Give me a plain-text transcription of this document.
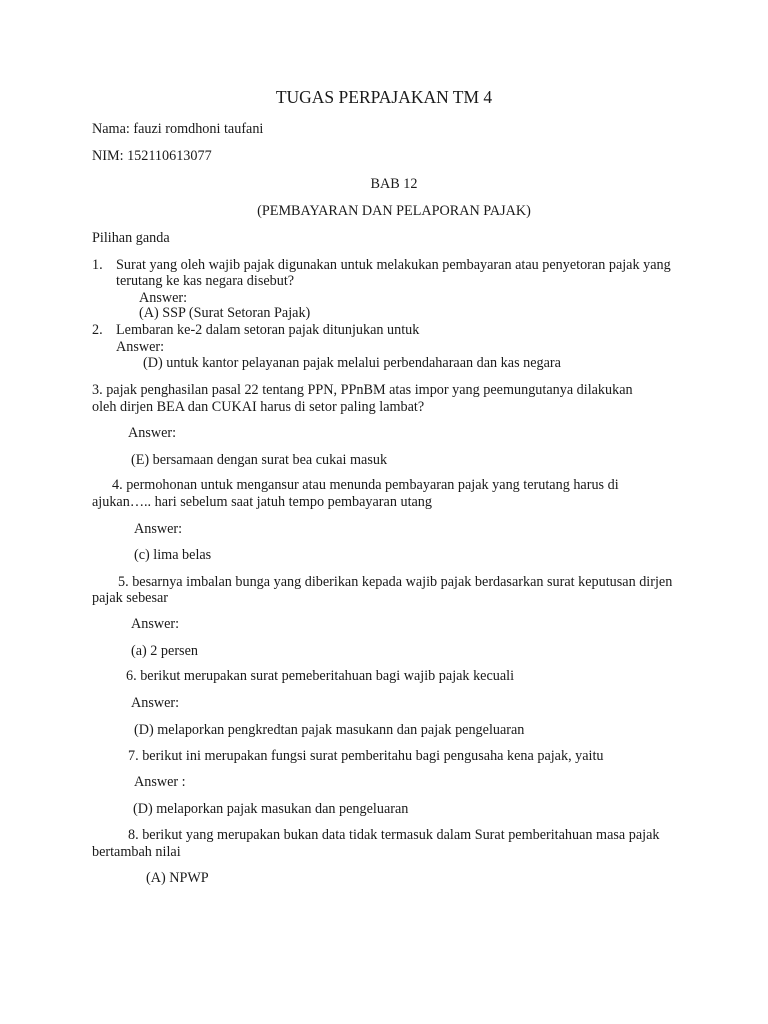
TUGAS PERPAJAKAN TM 4
Nama: fauzi romdhoni taufani
NIM: 152110613077
BAB 12
(PEMBAYARAN DAN PELAPORAN PAJAK)
Pilihan ganda
1. Surat yang oleh wajib pajak digunakan untuk melakukan pembayaran atau penyetoran pajak yang
terutang ke kas negara disebut?
Answer:
(A) SSP (Surat Setoran Pajak)
2. Lembaran ke-2 dalam setoran pajak ditunjukan untuk
Answer:
(D) untuk kantor pelayanan pajak melalui perbendaharaan dan kas negara
3. pajak penghasilan pasal 22 tentang PPN, PPnBM atas impor yang peemungutanya dilakukan
oleh dirjen BEA dan CUKAI harus di setor paling lambat?
Answer:
(E) bersamaan dengan surat bea cukai masuk
4. permohonan untuk mengansur atau menunda pembayaran pajak yang terutang harus di
ajukan….. hari sebelum saat jatuh tempo pembayaran utang
Answer:
(c) lima belas
5. besarnya imbalan bunga yang diberikan kepada wajib pajak berdasarkan surat keputusan dirjen
pajak sebesar
Answer:
(a) 2 persen
6. berikut merupakan surat pemeberitahuan bagi wajib pajak kecuali
Answer:
(D) melaporkan pengkredtan pajak masukann dan pajak pengeluaran
7. berikut ini merupakan fungsi surat pemberitahu bagi pengusaha kena pajak, yaitu
Answer :
(D) melaporkan pajak masukan dan pengeluaran
8. berikut yang merupakan bukan data tidak termasuk dalam Surat pemberitahuan masa pajak
bertambah nilai
(A) NPWP
